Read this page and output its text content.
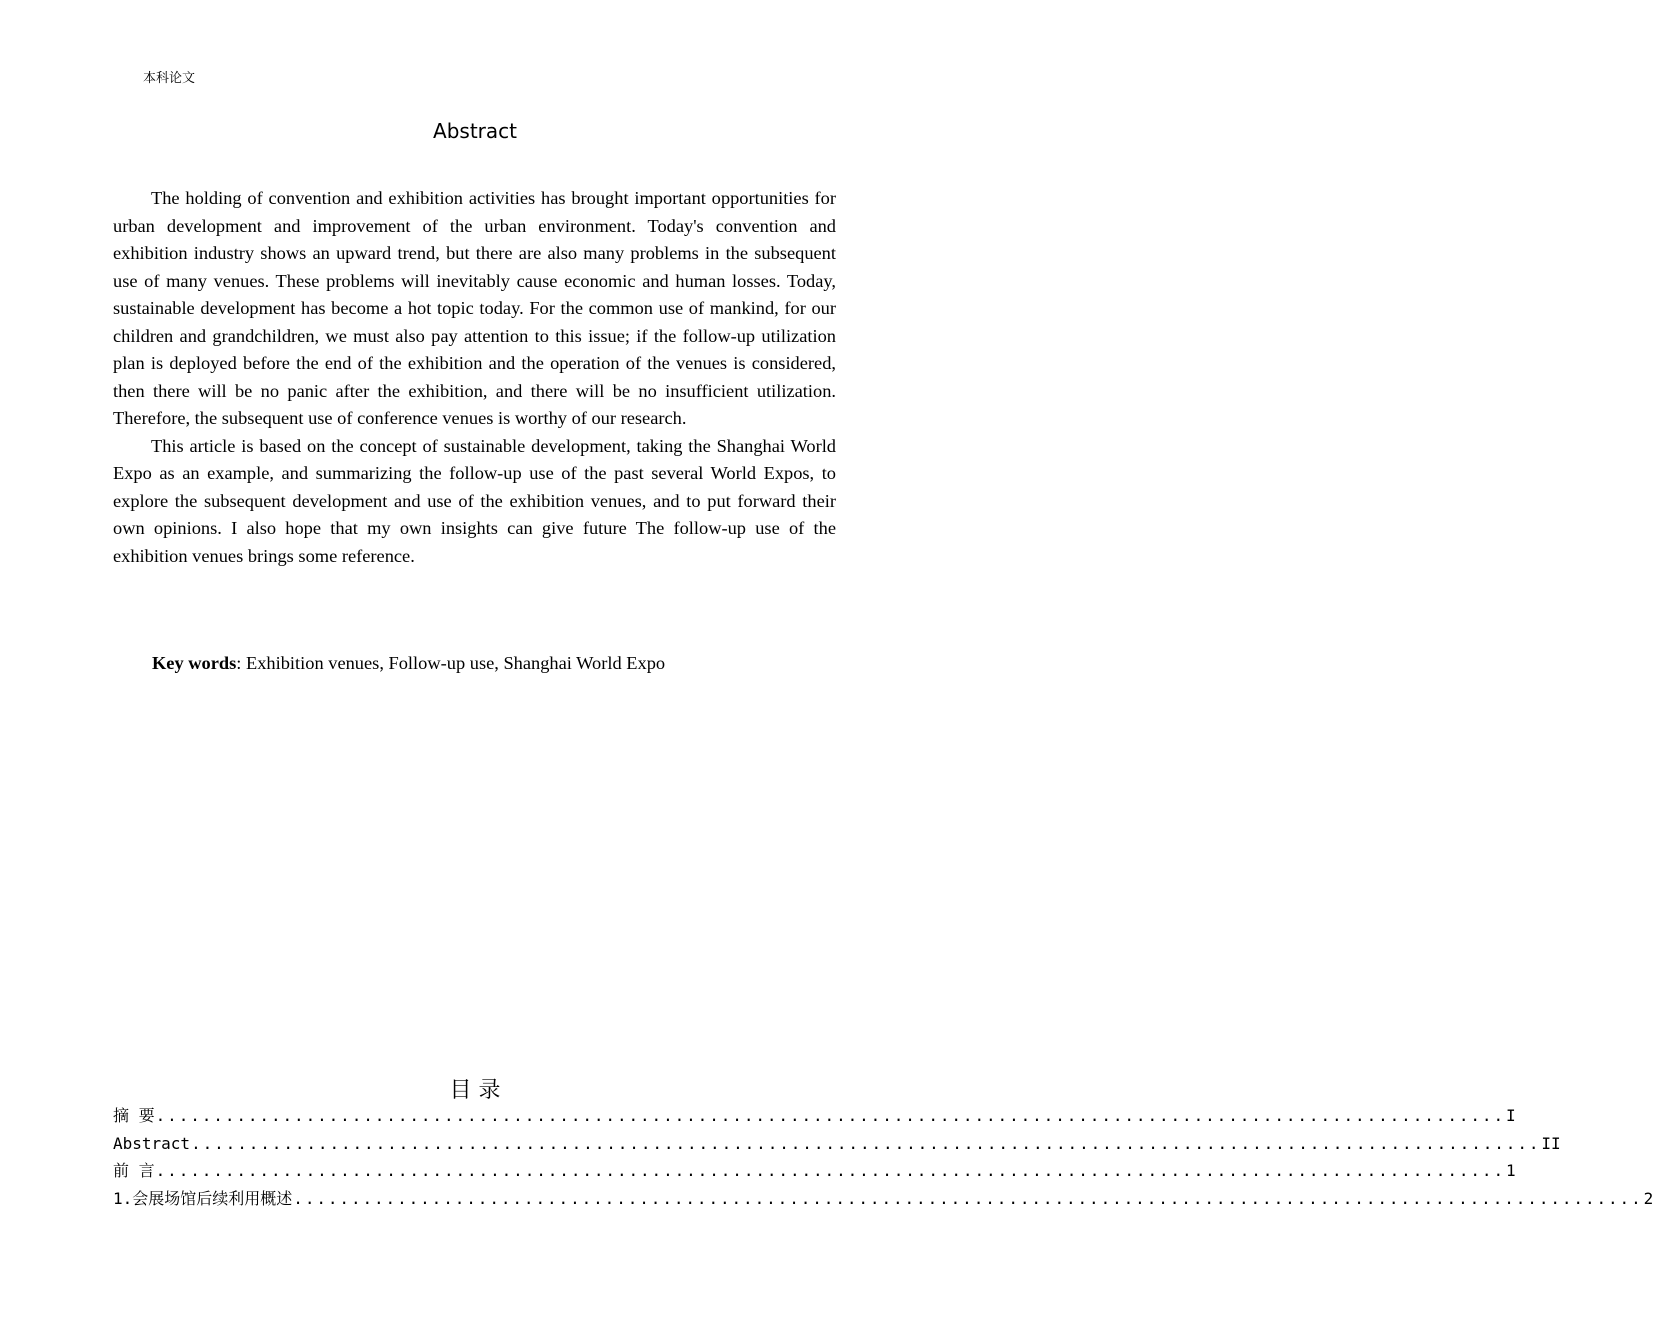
本科论文
Abstract

The holding of convention and exhibition activities has brought important opportunities for urban development and improvement of the urban environment. Today's convention and exhibition industry shows an upward trend, but there are also many problems in the subsequent use of many venues. These problems will inevitably cause economic and human losses. Today, sustainable development has become a hot topic today. For the common use of mankind, for our children and grandchildren, we must also pay attention to this issue; if the follow-up utilization plan is deployed before the end of the exhibition and the operation of the venues is considered, then there will be no panic after the exhibition, and there will be no insufficient utilization. Therefore, the subsequent use of conference venues is worthy of our research.

This article is based on the concept of sustainable development, taking the Shanghai World Expo as an example, and summarizing the follow-up use of the past several World Expos, to explore the subsequent development and use of the exhibition venues, and to put forward their own opinions. I also hope that my own insights can give future The follow-up use of the exhibition venues brings some reference.

Key words: Exhibition venues, Follow-up use, Shanghai World Expo
目 录
摘 要 ..................................................................................................................... I
Abstract ..................................................................................................................... II
前 言 ..................................................................................................................... 1
1.会展场馆后续利用概述 ..................................................................................................................... 2
